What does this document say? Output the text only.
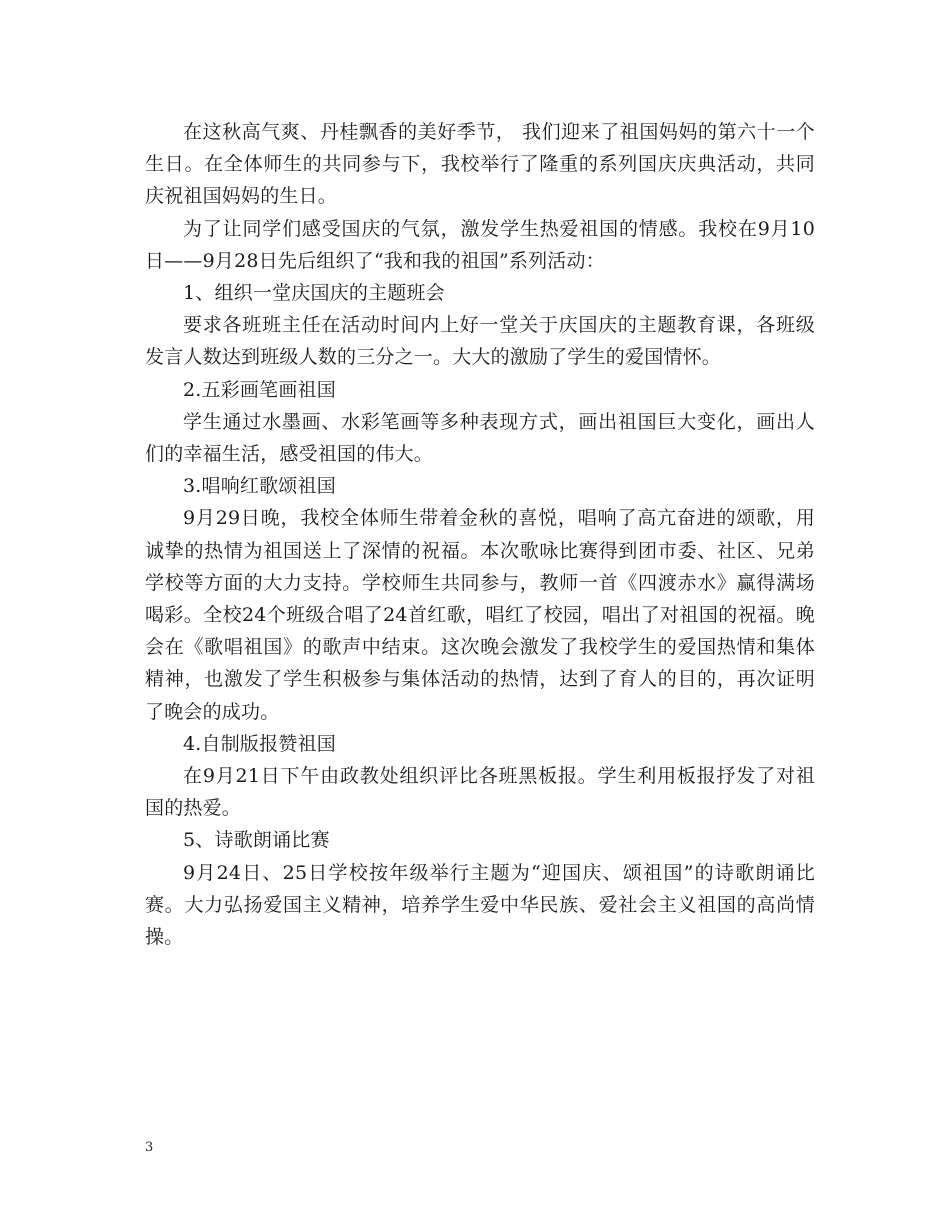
在这秋高气爽、丹桂飘香的美好季节， 我们迎来了祖国妈妈的第六十一个生日。在全体师生的共同参与下，我校举行了隆重的系列国庆庆典活动，共同庆祝祖国妈妈的生日。

为了让同学们感受国庆的气氛，激发学生热爱祖国的情感。我校在9月10日——9月28日先后组织了“我和我的祖国”系列活动：

1、组织一堂庆国庆的主题班会

要求各班班主任在活动时间内上好一堂关于庆国庆的主题教育课，各班级发言人数达到班级人数的三分之一。大大的激励了学生的爱国情怀。

2.五彩画笔画祖国

学生通过水墨画、水彩笔画等多种表现方式，画出祖国巨大变化，画出人们的幸福生活，感受祖国的伟大。

3.唱响红歌颂祖国

9月29日晚，我校全体师生带着金秋的喜悦，唱响了高亢奋进的颂歌，用诚挚的热情为祖国送上了深情的祝福。本次歌咏比赛得到团市委、社区、兄弟学校等方面的大力支持。学校师生共同参与，教师一首《四渡赤水》赢得满场喝彩。全校24个班级合唱了24首红歌，唱红了校园，唱出了对祖国的祝福。晚会在《歌唱祖国》的歌声中结束。这次晚会激发了我校学生的爱国热情和集体精神，也激发了学生积极参与集体活动的热情，达到了育人的目的，再次证明了晚会的成功。

4.自制版报赞祖国

在9月21日下午由政教处组织评比各班黑板报。学生利用板报抒发了对祖国的热爱。

5、诗歌朗诵比赛

9月24日、25日学校按年级举行主题为“迎国庆、颂祖国”的诗歌朗诵比赛。大力弘扬爱国主义精神，培养学生爱中华民族、爱社会主义祖国的高尚情操。

3
